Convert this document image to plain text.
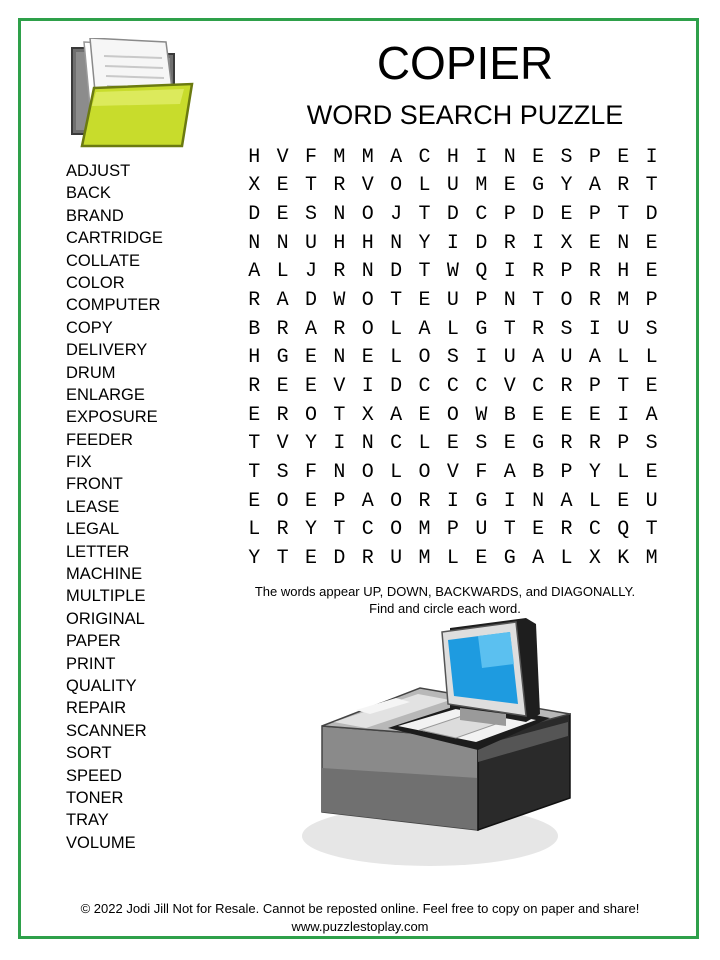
COPIER
WORD SEARCH PUZZLE
ADJUST
BACK
BRAND
CARTRIDGE
COLLATE
COLOR
COMPUTER
COPY
DELIVERY
DRUM
ENLARGE
EXPOSURE
FEEDER
FIX
FRONT
LEASE
LEGAL
LETTER
MACHINE
MULTIPLE
ORIGINAL
PAPER
PRINT
QUALITY
REPAIR
SCANNER
SORT
SPEED
TONER
TRAY
VOLUME
H	V	F	M	M	A	C	H	I	N	E	S	P	E	I
X	E	T	R	V	O	L	U	M	E	G	Y	A	R	T
D	E	S	N	O	J	T	D	C	P	D	E	P	T	D
N	N	U	H	H	N	Y	I	D	R	I	X	E	N	E
A	L	J	R	N	D	T	W	Q	I	R	P	R	H	E
R	A	D	W	O	T	E	U	P	N	T	O	R	M	P
B	R	A	R	O	L	A	L	G	T	R	S	I	U	S
H	G	E	N	E	L	O	S	I	U	A	U	A	L	L
R	E	E	V	I	D	C	C	C	V	C	R	P	T	E
E	R	O	T	X	A	E	O	W	B	E	E	E	I	A
T	V	Y	I	N	C	L	E	S	E	G	R	R	P	S
T	S	F	N	O	L	O	V	F	A	B	P	Y	L	E
E	O	E	P	A	O	R	I	G	I	N	A	L	E	U
L	R	Y	T	C	O	M	P	U	T	E	R	C	Q	T
Y	T	E	D	R	U	M	L	E	G	A	L	X	K	M
The words appear UP, DOWN, BACKWARDS, and DIAGONALLY.
Find and circle each word.
© 2022 Jodi Jill Not for Resale. Cannot be reposted online. Feel free to copy on paper and share!
www.puzzlestoplay.com
